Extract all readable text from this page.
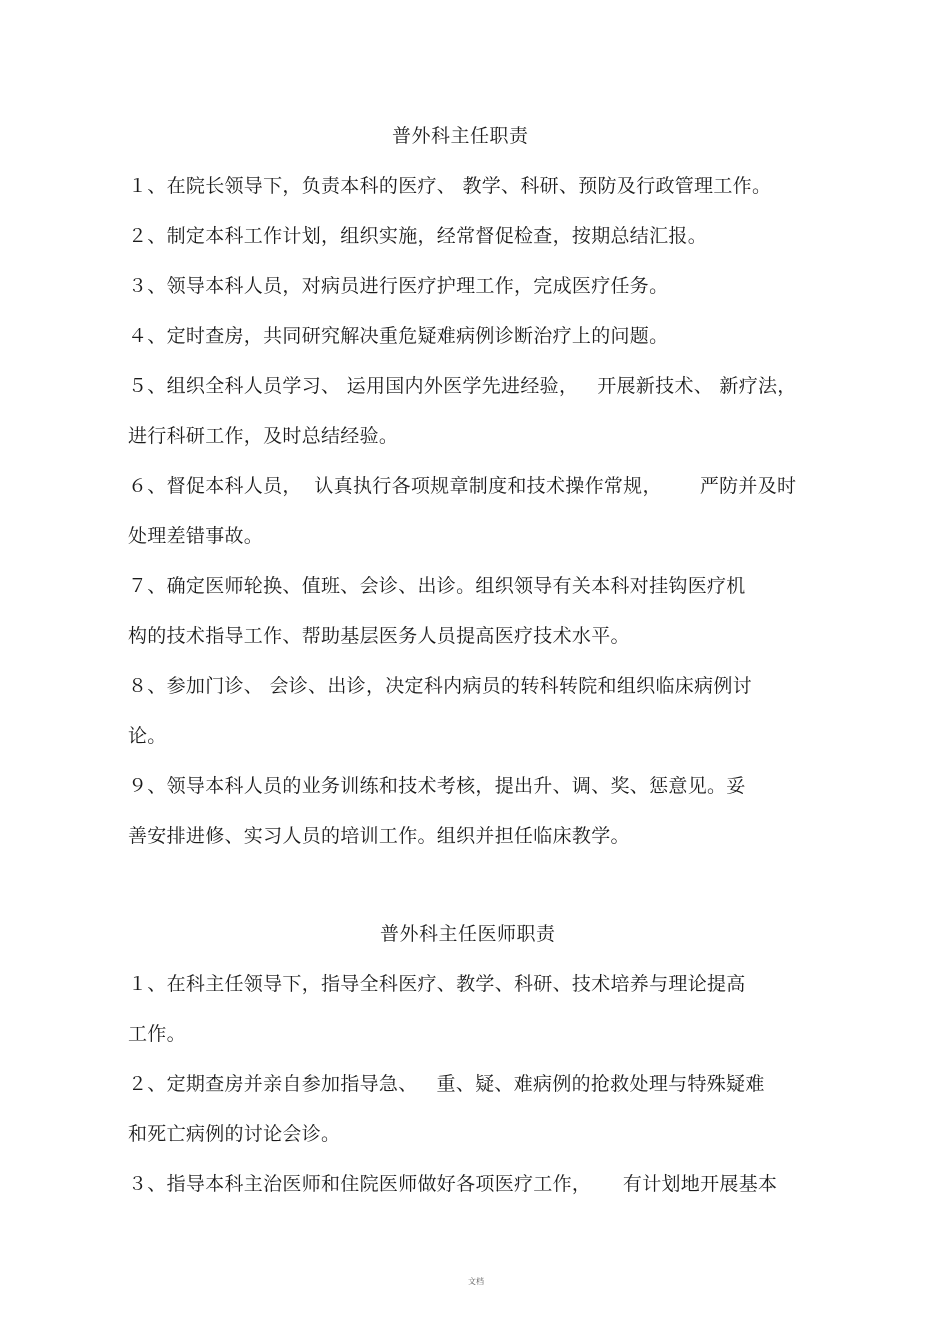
普外科主任职责
１、在院长领导下，负责本科的医疗、 教学、科研、预防及行政管理工作。
２、制定本科工作计划，组织实施，经常督促检查，按期总结汇报。
３、领导本科人员，对病员进行医疗护理工作，完成医疗任务。
４、定时查房，共同研究解决重危疑难病例诊断治疗上的问题。
５、组织全科人员学习、 运用国内外医学先进经验，   开展新技术、 新疗法，
进行科研工作，及时总结经验。
６、督促本科人员，  认真执行各项规章制度和技术操作常规，      严防并及时
处理差错事故。
７、确定医师轮换、值班、会诊、出诊。组织领导有关本科对挂钩医疗机
构的技术指导工作、帮助基层医务人员提高医疗技术水平。
８、参加门诊、 会诊、出诊，决定科内病员的转科转院和组织临床病例讨
论。
９、领导本科人员的业务训练和技术考核，提出升、调、奖、惩意见。妥
善安排进修、实习人员的培训工作。组织并担任临床教学。
普外科主任医师职责
１、在科主任领导下，指导全科医疗、教学、科研、技术培养与理论提高
工作。
２、定期查房并亲自参加指导急、   重、疑、难病例的抢救处理与特殊疑难
和死亡病例的讨论会诊。
３、指导本科主治医师和住院医师做好各项医疗工作，     有计划地开展基本
文档
